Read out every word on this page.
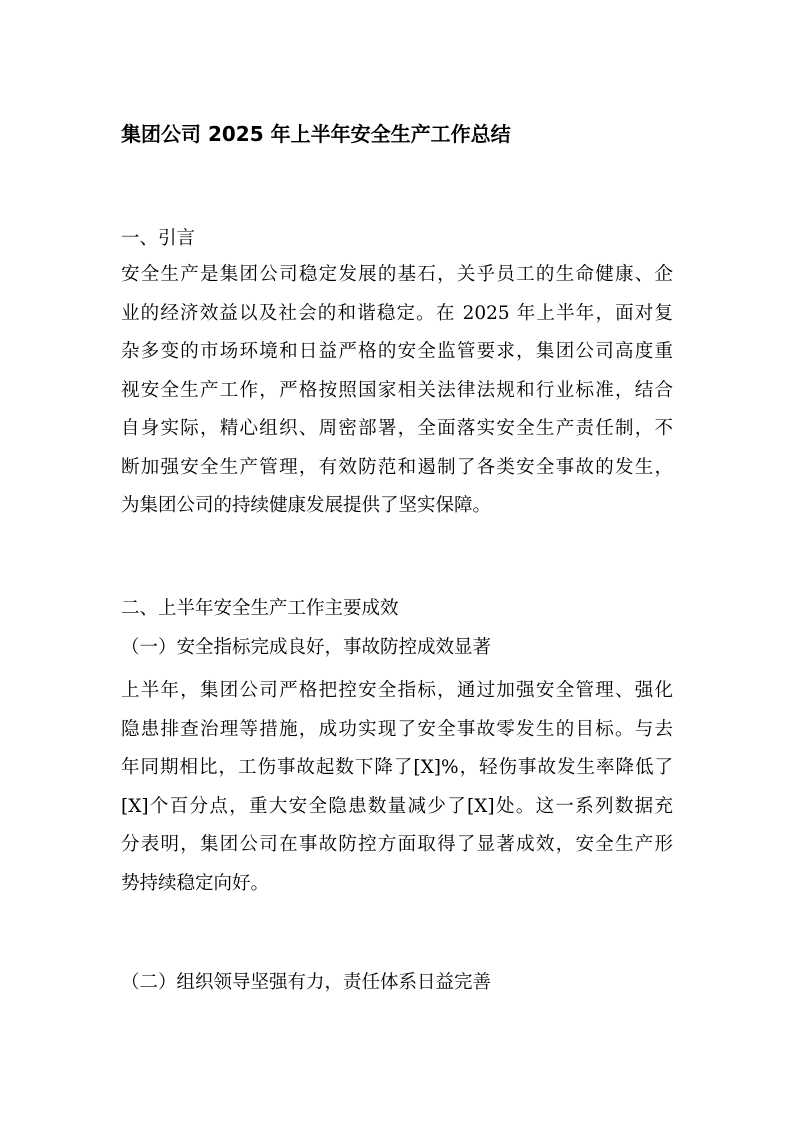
集团公司 2025 年上半年安全生产工作总结
一、引言
安全生产是集团公司稳定发展的基石，关乎员工的生命健康、企
业的经济效益以及社会的和谐稳定。在 2025 年上半年，面对复
杂多变的市场环境和日益严格的安全监管要求，集团公司高度重
视安全生产工作，严格按照国家相关法律法规和行业标准，结合
自身实际，精心组织、周密部署，全面落实安全生产责任制，不
断加强安全生产管理，有效防范和遏制了各类安全事故的发生，
为集团公司的持续健康发展提供了坚实保障。
二、上半年安全生产工作主要成效
（一）安全指标完成良好，事故防控成效显著
上半年，集团公司严格把控安全指标，通过加强安全管理、强化
隐患排查治理等措施，成功实现了安全事故零发生的目标。与去
年同期相比，工伤事故起数下降了[X]%，轻伤事故发生率降低了
[X]个百分点，重大安全隐患数量减少了[X]处。这一系列数据充
分表明，集团公司在事故防控方面取得了显著成效，安全生产形
势持续稳定向好。
（二）组织领导坚强有力，责任体系日益完善
